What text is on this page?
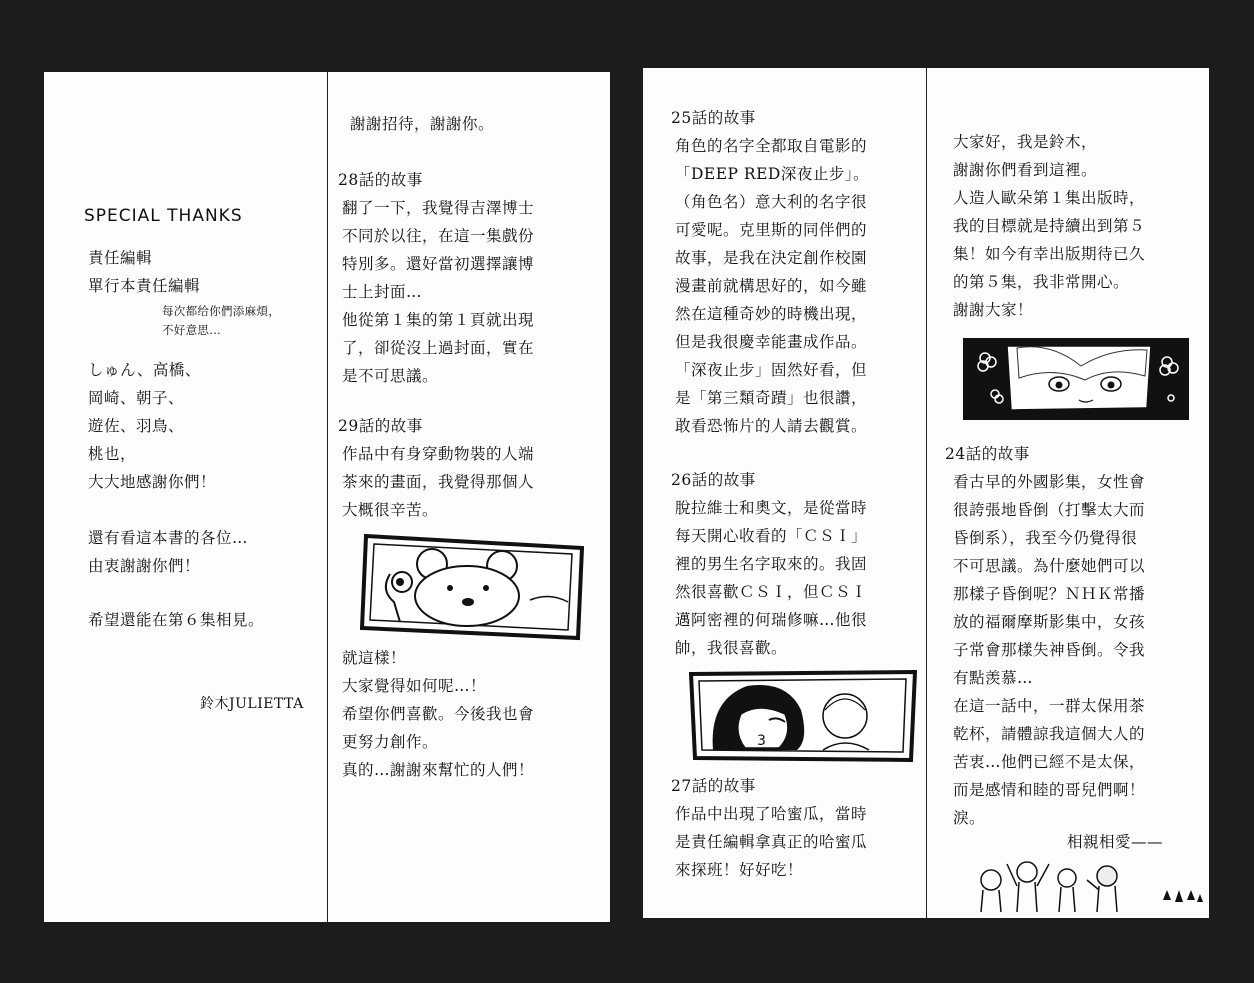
SPECIAL THANKS
責任編輯
單行本責任編輯
每次都给你們添麻煩，
不好意思…
しゅん、高橋、
岡崎、朝子、
遊佐、羽鳥、
桃也，
大大地感謝你們！
還有看這本書的各位…
由衷謝謝你們！
希望還能在第６集相見。
鈴木JULIETTA
謝謝招待，謝謝你。
28話的故事
翻了一下，我覺得吉澤博士
不同於以往，在這一集戲份
特別多。還好當初選擇讓博
士上封面…
他從第１集的第１頁就出現
了，卻從沒上過封面，實在
是不可思議。
29話的故事
作品中有身穿動物裝的人端
茶來的畫面，我覺得那個人
大概很辛苦。
就這樣！
大家覺得如何呢…！
希望你們喜歡。今後我也會
更努力創作。
真的…謝謝來幫忙的人們！
25話的故事
角色的名字全都取自電影的
「DEEP RED深夜止步」。
（角色名）意大利的名字很
可愛呢。克里斯的同伴們的
故事，是我在決定創作校園
漫畫前就構思好的，如今雖
然在這種奇妙的時機出現，
但是我很慶幸能畫成作品。
「深夜止步」固然好看，但
是「第三類奇蹟」也很讚，
敢看恐怖片的人請去觀賞。
26話的故事
脫拉維士和奧文，是從當時
每天開心收看的「ＣＳＩ」
裡的男生名字取來的。我固
然很喜歡ＣＳＩ，但ＣＳＩ
邁阿密裡的何瑞修嘛…他很
帥，我很喜歡。
3
27話的故事
作品中出現了哈蜜瓜，當時
是責任編輯拿真正的哈蜜瓜
來探班！好好吃！
大家好，我是鈴木，
謝謝你們看到這裡。
人造人歐朵第１集出版時，
我的目標就是持續出到第５
集！如今有幸出版期待已久
的第５集，我非常開心。
謝謝大家！
24話的故事
看古早的外國影集，女性會
很誇張地昏倒（打擊太大而
昏倒系），我至今仍覺得很
不可思議。為什麼她們可以
那樣子昏倒呢？ＮＨＫ常播
放的福爾摩斯影集中，女孩
子常會那樣失神昏倒。令我
有點羡慕…
在這一話中，一群太保用茶
乾杯，請體諒我這個大人的
苦衷…他們已經不是太保，
而是感情和睦的哥兒們啊！
淚。
相親相愛——
